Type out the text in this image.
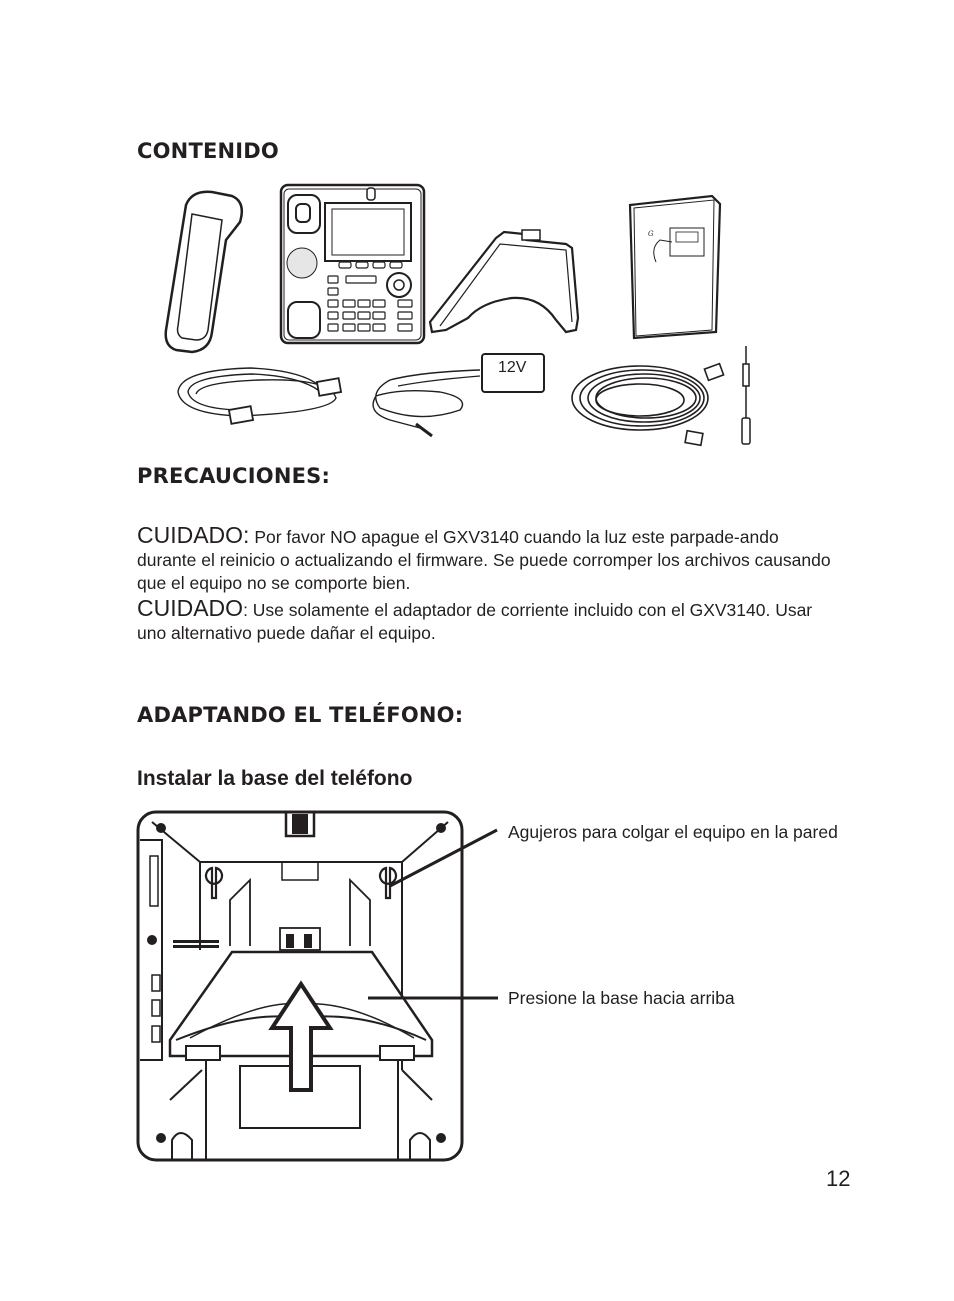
CONTENIDO
G
12V
PRECAUCIONES:

CUIDADO: Por favor NO apague el GXV3140 cuando la luz este parpade-ando durante el reinicio o actualizando el firmware. Se puede corromper los archivos causando que el equipo no se comporte bien.

CUIDADO: Use solamente el adaptador de corriente incluido con el GXV3140. Usar uno alternativo puede dañar el equipo.

ADAPTANDO EL TELÉFONO:
Instalar la base del teléfono

Agujeros para colgar el equipo en la pared

Presione la base hacia arriba

12
